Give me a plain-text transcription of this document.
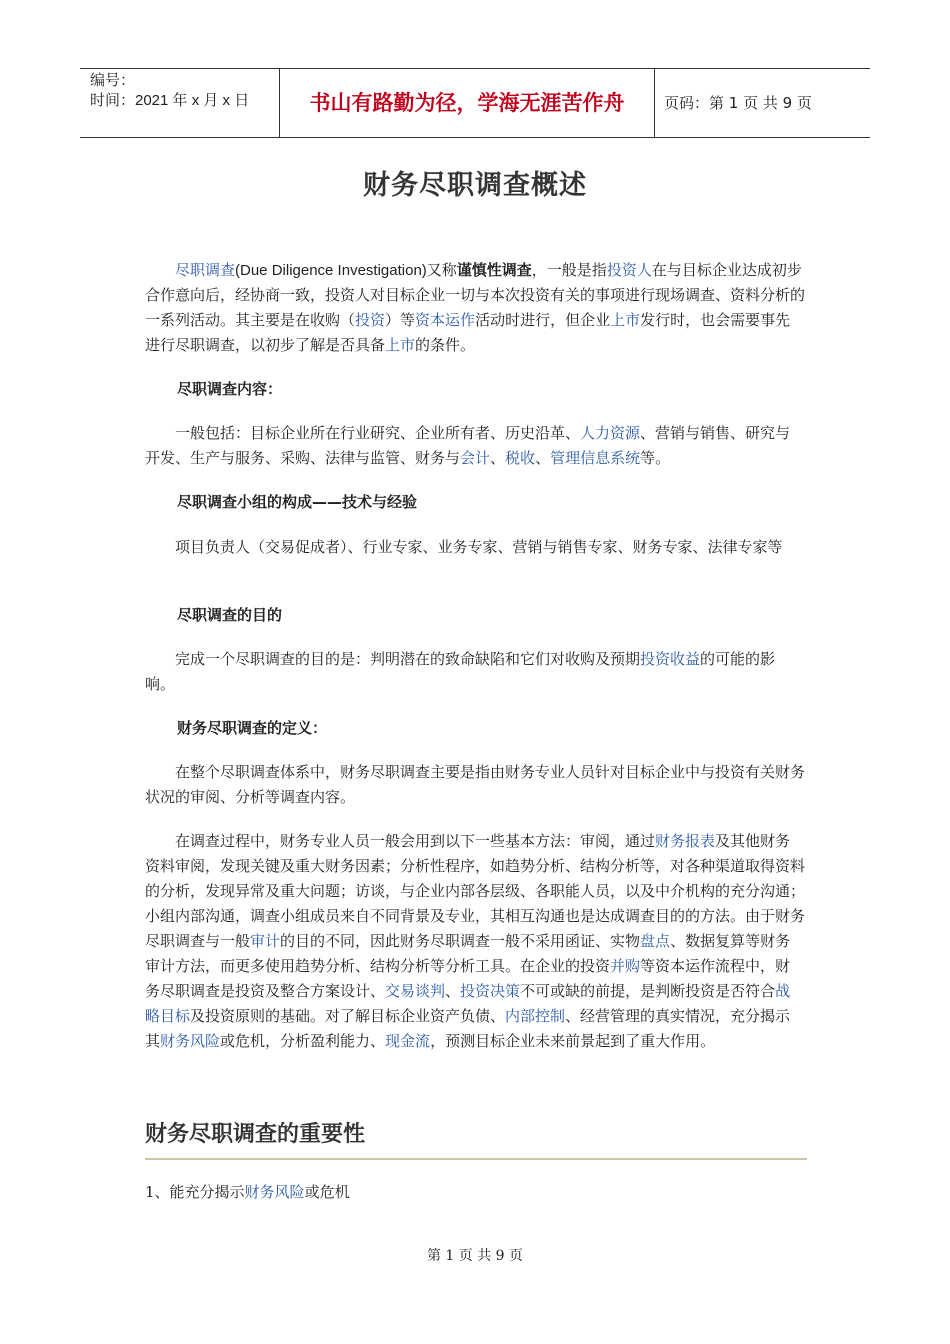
编号：
时间：2021 年 x 月 x 日	书山有路勤为径，学海无涯苦作舟	页码：第 1 页 共 9 页
财务尽职调查概述

尽职调查(Due Diligence Investigation)又称谨慎性调查，一般是指投资人在与目标企业达成初步合作意向后，经协商一致，投资人对目标企业一切与本次投资有关的事项进行现场调查、资料分析的一系列活动。其主要是在收购（投资）等资本运作活动时进行，但企业上市发行时，也会需要事先进行尽职调查，以初步了解是否具备上市的条件。

尽职调查内容：

一般包括：目标企业所在行业研究、企业所有者、历史沿革、人力资源、营销与销售、研究与开发、生产与服务、采购、法律与监管、财务与会计、税收、管理信息系统等。

尽职调查小组的构成——技术与经验

项目负责人（交易促成者）、行业专家、业务专家、营销与销售专家、财务专家、法律专家等

尽职调查的目的

完成一个尽职调查的目的是：判明潜在的致命缺陷和它们对收购及预期投资收益的可能的影响。

财务尽职调查的定义：

在整个尽职调查体系中，财务尽职调查主要是指由财务专业人员针对目标企业中与投资有关财务状况的审阅、分析等调查内容。

在调查过程中，财务专业人员一般会用到以下一些基本方法：审阅，通过财务报表及其他财务资料审阅，发现关键及重大财务因素；分析性程序，如趋势分析、结构分析等，对各种渠道取得资料的分析，发现异常及重大问题；访谈，与企业内部各层级、各职能人员，以及中介机构的充分沟通；小组内部沟通，调查小组成员来自不同背景及专业，其相互沟通也是达成调查目的的方法。由于财务尽职调查与一般审计的目的不同，因此财务尽职调查一般不采用函证、实物盘点、数据复算等财务审计方法，而更多使用趋势分析、结构分析等分析工具。在企业的投资并购等资本运作流程中，财务尽职调查是投资及整合方案设计、交易谈判、投资决策不可或缺的前提，是判断投资是否符合战略目标及投资原则的基础。对了解目标企业资产负债、内部控制、经营管理的真实情况，充分揭示其财务风险或危机，分析盈利能力、现金流，预测目标企业未来前景起到了重大作用。

财务尽职调查的重要性
1、能充分揭示财务风险或危机
第 1 页 共 9 页
